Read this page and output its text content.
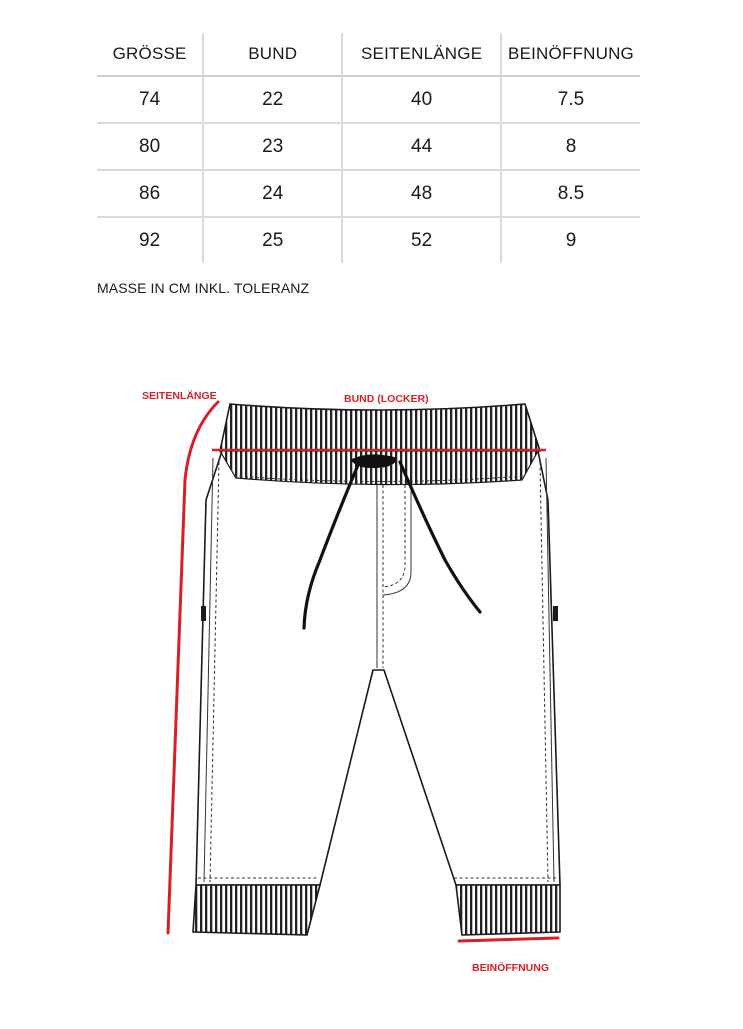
GRÖSSE	BUND	SEITENLÄNGE	BEINÖFFNUNG
74	22	40	7.5
80	23	44	8
86	24	48	8.5
92	25	52	9
MASSE IN CM INKL. TOLERANZ
SEITENLÄNGE	BUND (LOCKER)
BEINÖFFNUNG
